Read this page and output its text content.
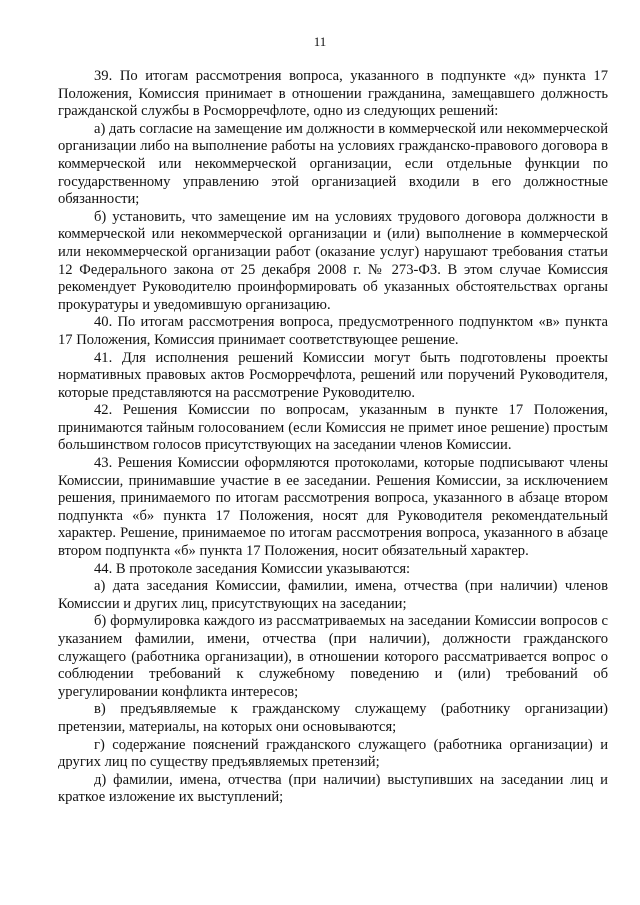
11

39. По итогам рассмотрения вопроса, указанного в подпункте «д» пункта 17 Положения, Комиссия принимает в отношении гражданина, замещавшего должность гражданской службы в Росморречфлоте, одно из следующих решений:

а) дать согласие на замещение им должности в коммерческой или некоммерческой организации либо на выполнение работы на условиях гражданско-правового договора в коммерческой или некоммерческой организации, если отдельные функции по государственному управлению этой организацией входили в его должностные обязанности;

б) установить, что замещение им на условиях трудового договора должности в коммерческой или некоммерческой организации и (или) выполнение в коммерческой или некоммерческой организации работ (оказание услуг) нарушают требования статьи 12 Федерального закона от 25 декабря 2008 г. № 273-ФЗ. В этом случае Комиссия рекомендует Руководителю проинформировать об указанных обстоятельствах органы прокуратуры и уведомившую организацию.

40. По итогам рассмотрения вопроса, предусмотренного подпунктом «в» пункта 17 Положения, Комиссия принимает соответствующее решение.

41. Для исполнения решений Комиссии могут быть подготовлены проекты нормативных правовых актов Росморречфлота, решений или поручений Руководителя, которые представляются на рассмотрение Руководителю.

42. Решения Комиссии по вопросам, указанным в пункте 17 Положения, принимаются тайным голосованием (если Комиссия не примет иное решение) простым большинством голосов присутствующих на заседании членов Комиссии.

43. Решения Комиссии оформляются протоколами, которые подписывают члены Комиссии, принимавшие участие в ее заседании. Решения Комиссии, за исключением решения, принимаемого по итогам рассмотрения вопроса, указанного в абзаце втором подпункта «б» пункта 17 Положения, носят для Руководителя рекомендательный характер. Решение, принимаемое по итогам рассмотрения вопроса, указанного в абзаце втором подпункта «б» пункта 17 Положения, носит обязательный характер.

44. В протоколе заседания Комиссии указываются:

а) дата заседания Комиссии, фамилии, имена, отчества (при наличии) членов Комиссии и других лиц, присутствующих на заседании;

б) формулировка каждого из рассматриваемых на заседании Комиссии вопросов с указанием фамилии, имени, отчества (при наличии), должности гражданского служащего (работника организации), в отношении которого рассматривается вопрос о соблюдении требований к служебному поведению и (или) требований об урегулировании конфликта интересов;

в) предъявляемые к гражданскому служащему (работнику организации) претензии, материалы, на которых они основываются;

г) содержание пояснений гражданского служащего (работника организации) и других лиц по существу предъявляемых претензий;

д) фамилии, имена, отчества (при наличии) выступивших на заседании лиц и краткое изложение их выступлений;
